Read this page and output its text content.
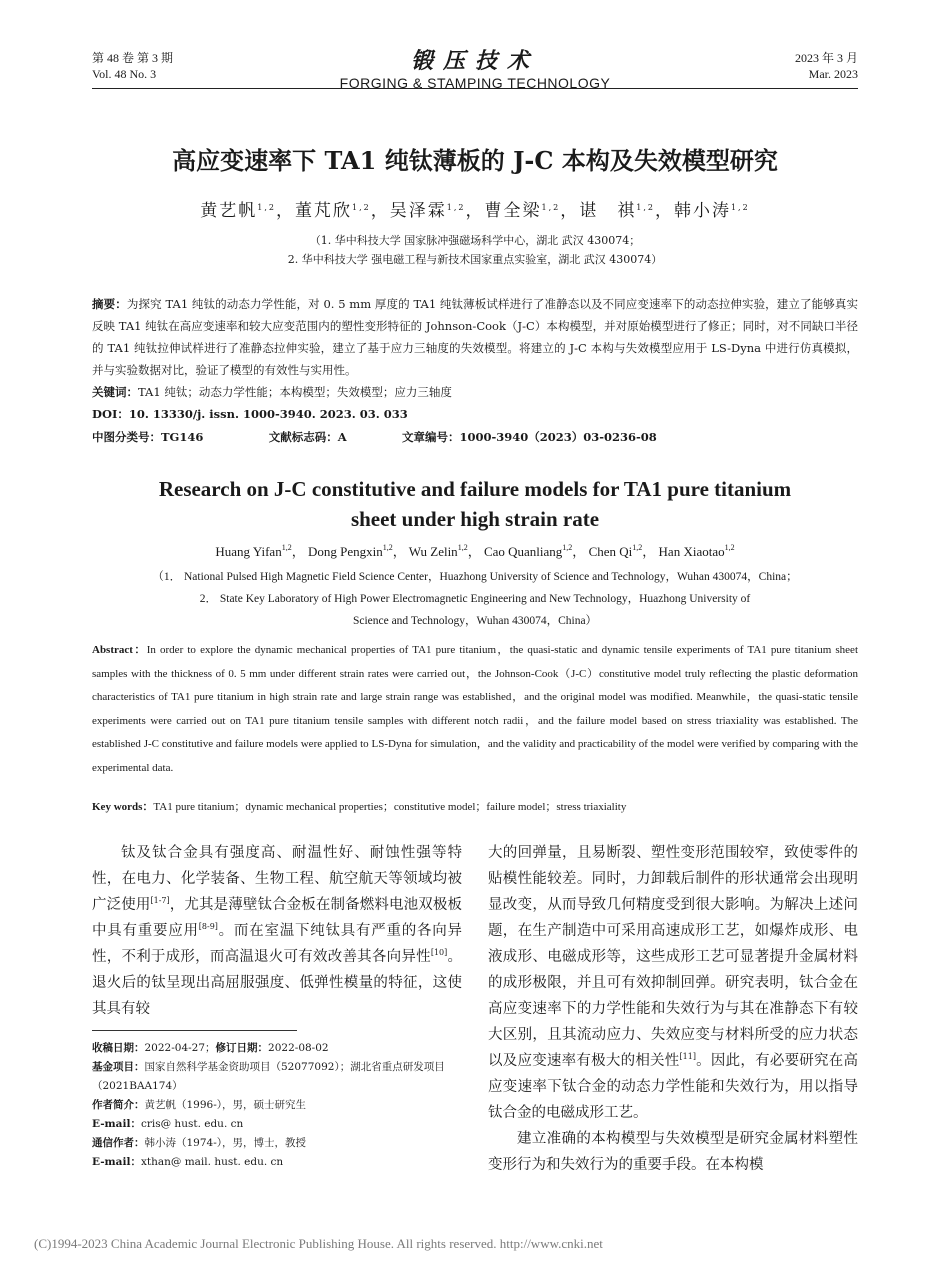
第 48 卷 第 3 期
Vol. 48 No. 3	锻压技术
FORGING & STAMPING TECHNOLOGY
2023 年 3 月
Mar. 2023
高应变速率下 TA1 纯钛薄板的 J-C 本构及失效模型研究
黄艺帆$^{1,2}$，董芃欣$^{1,2}$，吴泽霖$^{1,2}$，曹全梁$^{1,2}$，谌　祺$^{1,2}$，韩小涛$^{1,2}$
（1. 华中科技大学 国家脉冲强磁场科学中心，湖北 武汉 430074；
2. 华中科技大学 强电磁工程与新技术国家重点实验室，湖北 武汉 430074）
摘要：为探究 TA1 纯钛的动态力学性能，对 0. 5 mm 厚度的 TA1 纯钛薄板试样进行了准静态以及不同应变速率下的动态拉伸实验，建立了能够真实反映 TA1 纯钛在高应变速率和较大应变范围内的塑性变形特征的 Johnson-Cook（J-C）本构模型，并对原始模型进行了修正；同时，对不同缺口半径的 TA1 纯钛拉伸试样进行了准静态拉伸实验，建立了基于应力三轴度的失效模型。将建立的 J-C 本构与失效模型应用于 LS-Dyna 中进行仿真模拟，并与实验数据对比，验证了模型的有效性与实用性。
关键词：TA1 纯钛；动态力学性能；本构模型；失效模型；应力三轴度
DOI：10. 13330/j. issn. 1000-3940. 2023. 03. 033
中图分类号：TG146	文献标志码：A	文章编号：1000-3940（2023）03-0236-08
Research on J-C constitutive and failure models for TA1 pure titanium
sheet under high strain rate
Huang Yifan$^{1,2}$， Dong Pengxin$^{1,2}$， Wu Zelin$^{1,2}$， Cao Quanliang$^{1,2}$， Chen Qi$^{1,2}$， Han Xiaotao$^{1,2}$
（1． National Pulsed High Magnetic Field Science Center，Huazhong University of Science and Technology，Wuhan 430074，China；
2． State Key Laboratory of High Power Electromagnetic Engineering and New Technology，Huazhong University of
Science and Technology，Wuhan 430074，China）
Abstract：In order to explore the dynamic mechanical properties of TA1 pure titanium，the quasi-static and dynamic tensile experiments of TA1 pure titanium sheet samples with the thickness of 0. 5 mm under different strain rates were carried out，the Johnson-Cook（J-C）constitutive model truly reflecting the plastic deformation characteristics of TA1 pure titanium in high strain rate and large strain range was established，and the original model was modified. Meanwhile，the quasi-static tensile experiments were carried out on TA1 pure titanium tensile samples with different notch radii，and the failure model based on stress triaxiality was established. The established J-C constitutive and failure models were applied to LS-Dyna for simulation，and the validity and practicability of the model were verified by comparing with the experimental data.
Key words：TA1 pure titanium；dynamic mechanical properties；constitutive model；failure model；stress triaxiality

钛及钛合金具有强度高、耐温性好、耐蚀性强等特性，在电力、化学装备、生物工程、航空航天等领域均被广泛使用[1-7]，尤其是薄壁钛合金板在制备燃料电池双极板中具有重要应用[8-9]。而在室温下纯钛具有严重的各向异性，不利于成形，而高温退火可有效改善其各向异性[10]。退火后的钛呈现出高屈服强度、低弹性模量的特征，这使其具有较

收稿日期：2022-04-27；修订日期：2022-08-02
基金项目：国家自然科学基金资助项目（52077092）；湖北省重点研发项目（2021BAA174）
作者简介：黄艺帆（1996-），男，硕士研究生
E-mail：cris@ hust. edu. cn
通信作者：韩小涛（1974-），男，博士，教授
E-mail：xthan@ mail. hust. edu. cn

大的回弹量，且易断裂、塑性变形范围较窄，致使零件的贴模性能较差。同时，力卸载后制件的形状通常会出现明显改变，从而导致几何精度受到很大影响。为解决上述问题，在生产制造中可采用高速成形工艺，如爆炸成形、电液成形、电磁成形等，这些成形工艺可显著提升金属材料的成形极限，并且可有效抑制回弹。研究表明，钛合金在高应变速率下的力学性能和失效行为与其在准静态下有较大区别，且其流动应力、失效应变与材料所受的应力状态以及应变速率有极大的相关性[11]。因此，有必要研究在高应变速率下钛合金的动态力学性能和失效行为，用以指导钛合金的电磁成形工艺。

建立准确的本构模型与失效模型是研究金属材料塑性变形行为和失效行为的重要手段。在本构模

(C)1994-2023 China Academic Journal Electronic Publishing House. All rights reserved. http://www.cnki.net
